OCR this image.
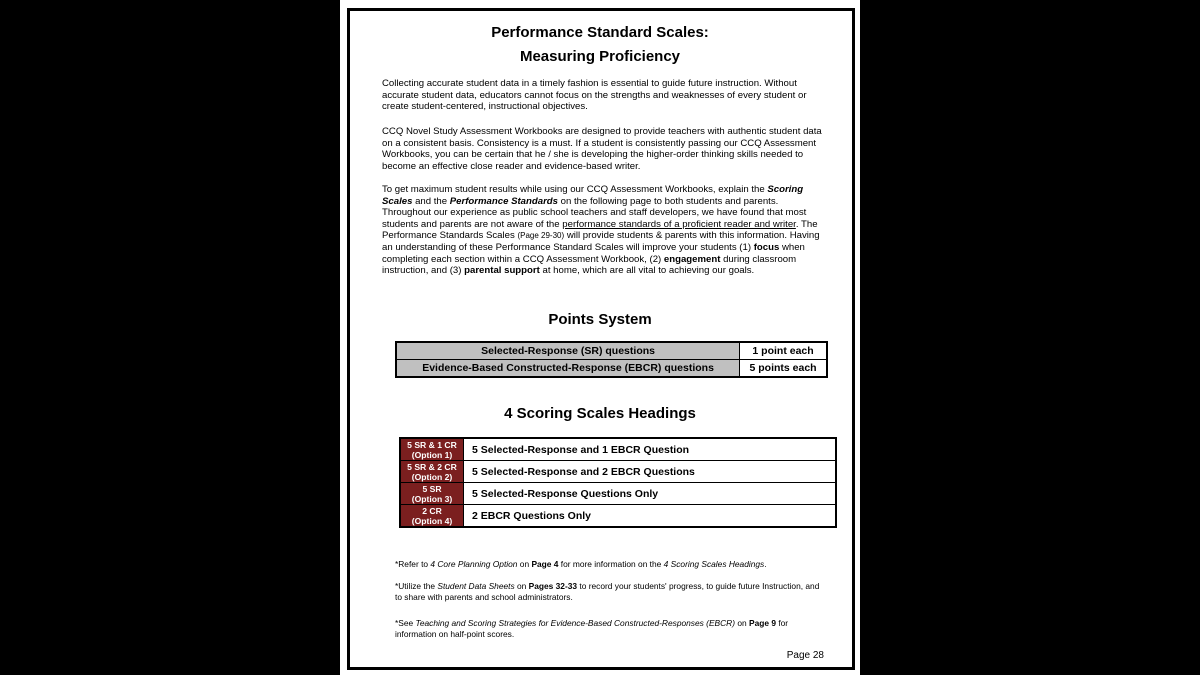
Performance Standard Scales:
Measuring Proficiency

Collecting accurate student data in a timely fashion is essential to guide future instruction. Without accurate student data, educators cannot focus on the strengths and weaknesses of every student or create student-centered, instructional objectives.

CCQ Novel Study Assessment Workbooks are designed to provide teachers with authentic student data on a consistent basis. Consistency is a must. If a student is consistently passing our CCQ Assessment Workbooks, you can be certain that he / she is developing the higher-order thinking skills needed to become an effective close reader and evidence-based writer.

To get maximum student results while using our CCQ Assessment Workbooks, explain the Scoring Scales and the Performance Standards on the following page to both students and parents. Throughout our experience as public school teachers and staff developers, we have found that most students and parents are not aware of the performance standards of a proficient reader and writer. The Performance Standards Scales (Page 29-30) will provide students & parents with this information. Having an understanding of these Performance Standard Scales will improve your students (1) focus when completing each section within a CCQ Assessment Workbook, (2) engagement during classroom instruction, and (3) parental support at home, which are all vital to achieving our goals.

Points System
Selected-Response (SR) questions	1 point each
Evidence-Based Constructed-Response (EBCR) questions	5 points each
4 Scoring Scales Headings
5 SR & 1 CR
(Option 1)	5 Selected-Response and 1 EBCR Question

5 SR & 2 CR
(Option 2)	5 Selected-Response and 2 EBCR Questions

5 SR
(Option 3)	5 Selected-Response Questions Only

2 CR
(Option 4)	2 EBCR Questions Only

*Refer to 4 Core Planning Option on Page 4 for more information on the 4 Scoring Scales Headings.

*Utilize the Student Data Sheets on Pages 32-33 to record your students' progress, to guide future Instruction, and to share with parents and school administrators.

*See Teaching and Scoring Strategies for Evidence-Based Constructed-Responses (EBCR) on Page 9 for information on half-point scores.

Page 28
